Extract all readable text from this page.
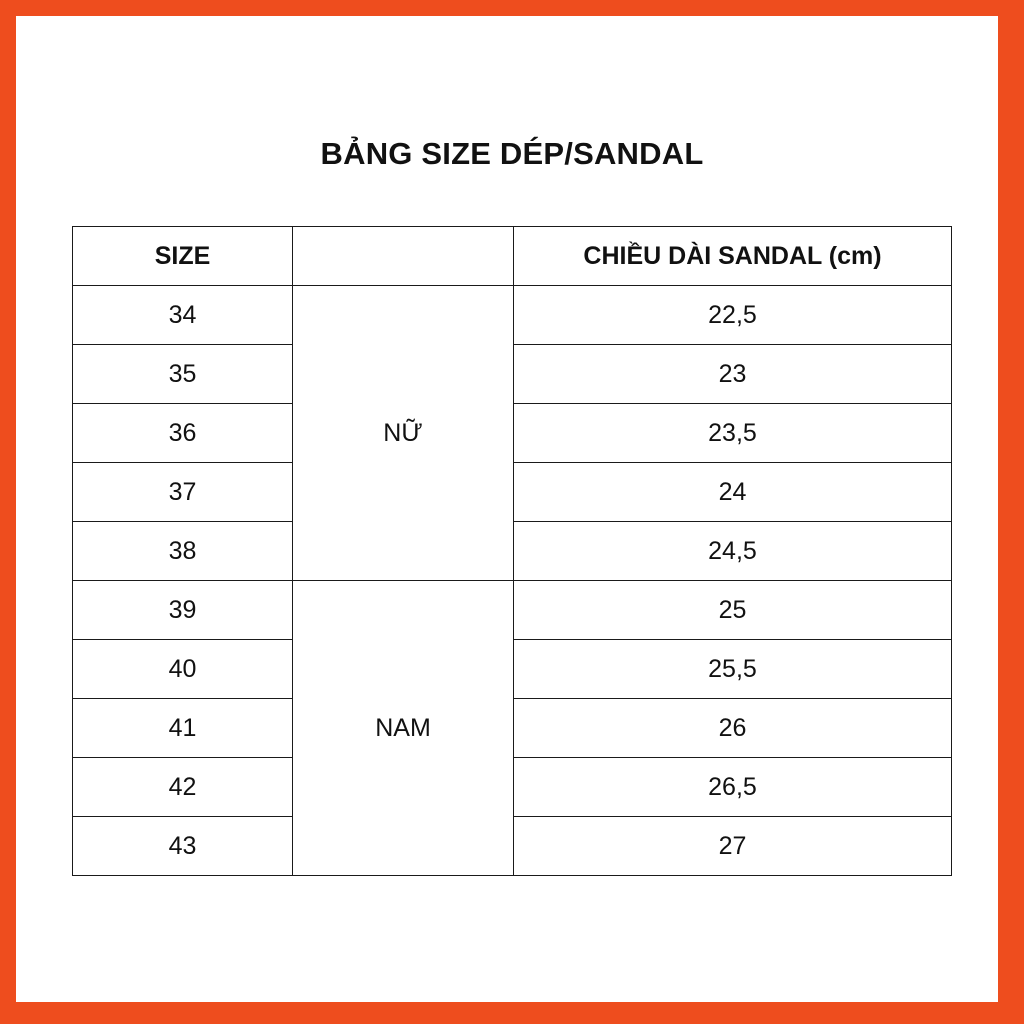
BẢNG SIZE DÉP/SANDAL
SIZE		CHIỀU DÀI SANDAL (cm)
34	NỮ	22,5
35		23
36		23,5
37		24
38		24,5
39	NAM	25
40		25,5
41		26
42		26,5
43		27
